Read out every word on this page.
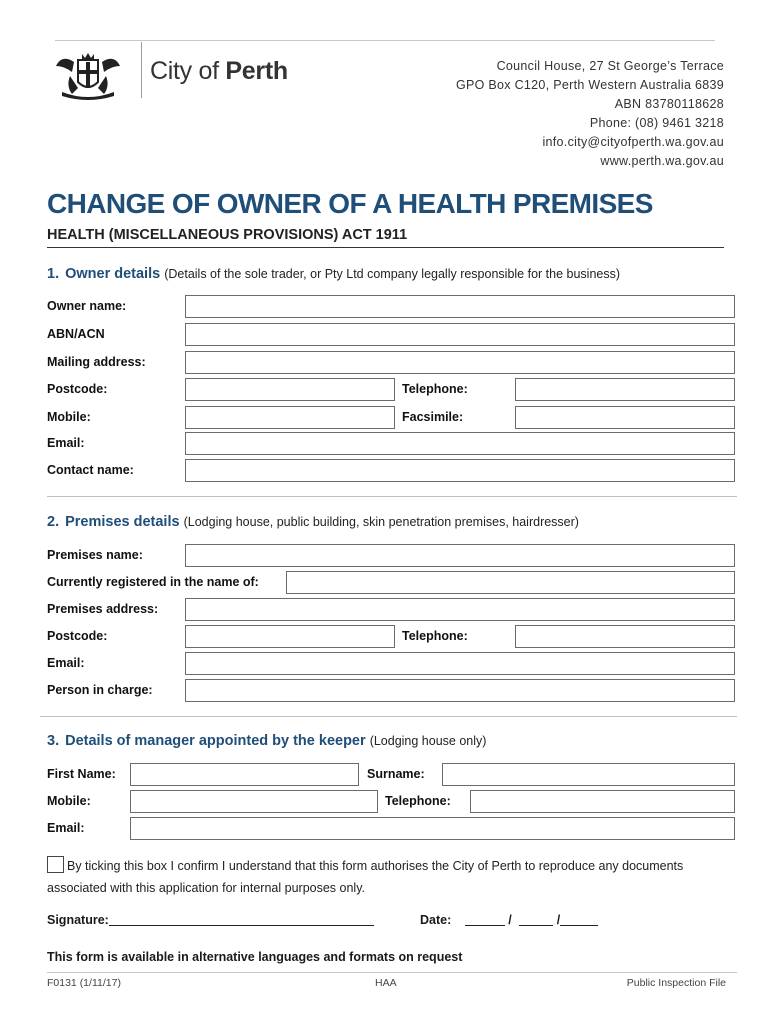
City of Perth	Council House, 27 St George’s Terrace
GPO Box C120, Perth Western Australia 6839
ABN 83780118628
Phone: (08) 9461 3218
info.city@cityofperth.wa.gov.au
www.perth.wa.gov.au
CHANGE OF OWNER OF A HEALTH PREMISES
HEALTH (MISCELLANEOUS PROVISIONS) ACT 1911
1. Owner details (Details of the sole trader, or Pty Ltd company legally responsible for the business)
Owner name:
ABN/ACN
Mailing address:
Postcode:	Telephone:
Mobile:	Facsimile:
Email:
Contact name:
2. Premises details (Lodging house, public building, skin penetration premises, hairdresser)
Premises name:
Currently registered in the name of:
Premises address:
Postcode:	Telephone:
Email:
Person in charge:
3. Details of manager appointed by the keeper (Lodging house only)
First Name:	Surname:
Mobile:	Telephone:
Email:
By ticking this box I confirm I understand that this form authorises the City of Perth to reproduce any documents associated with this application for internal purposes only.
Signature:	Date:	/	/
This form is available in alternative languages and formats on request
F0131 (1/11/17)	HAA	Public Inspection File
